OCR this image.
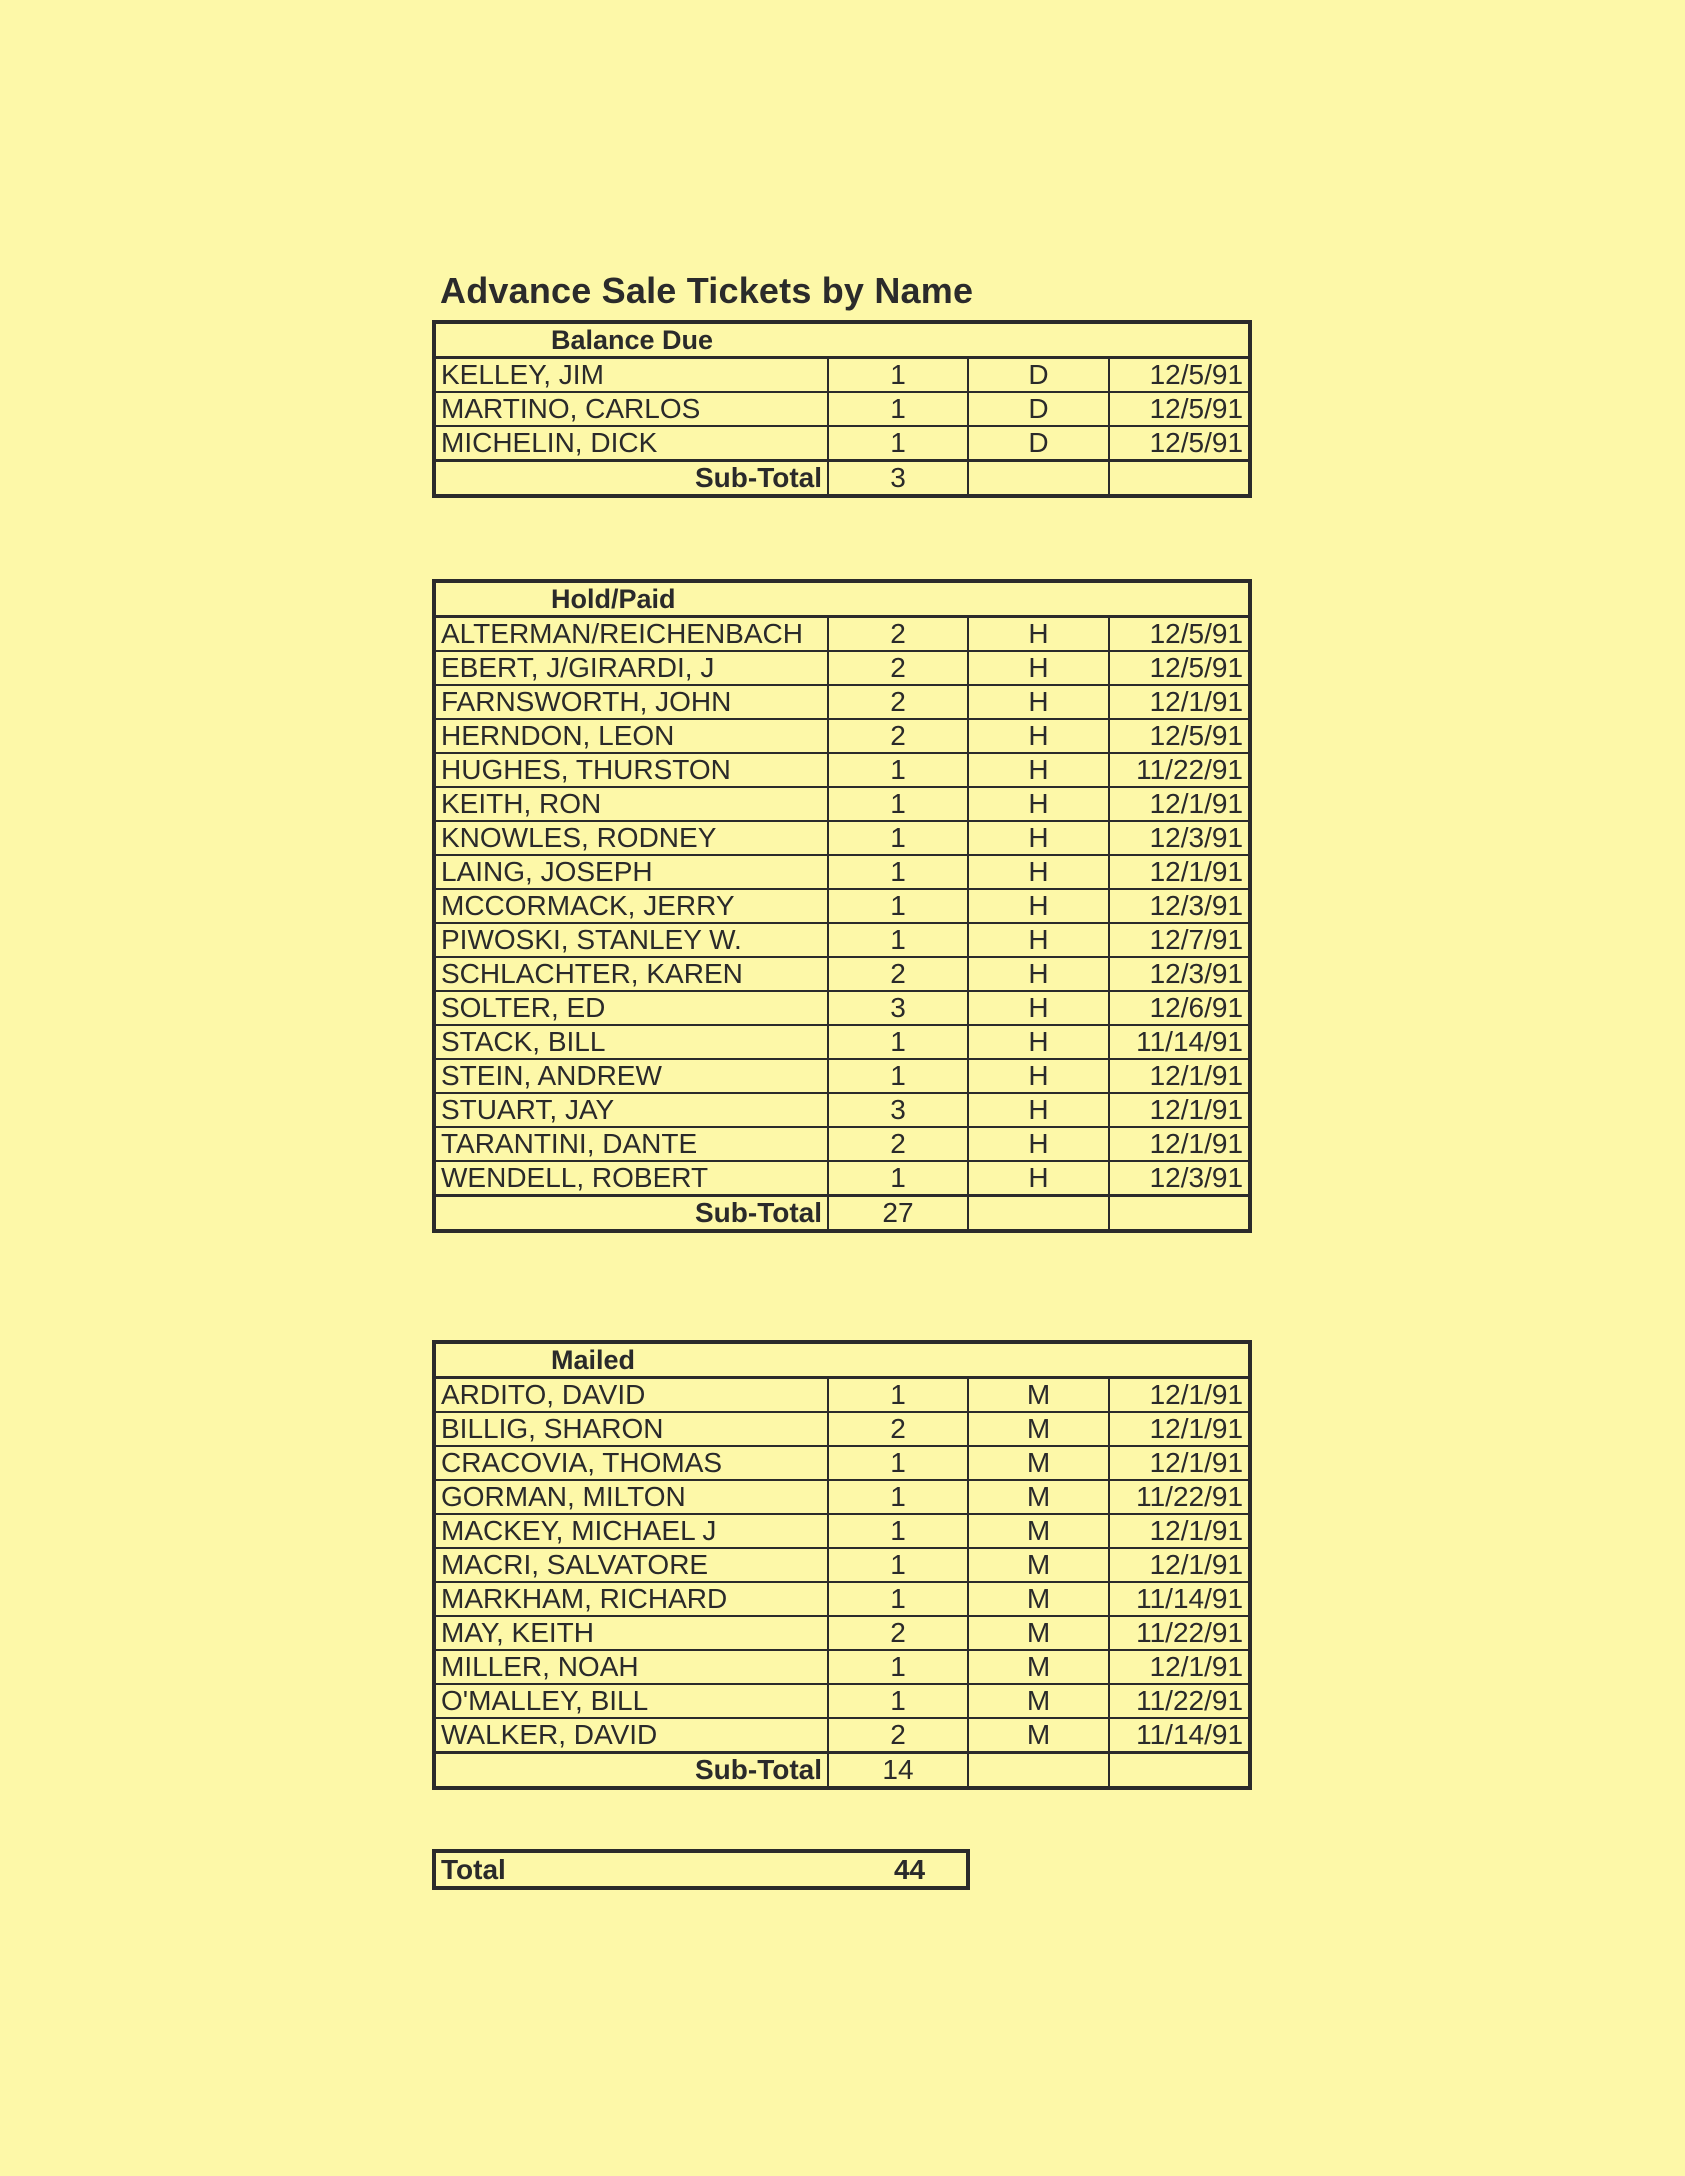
Advance Sale Tickets by Name
Balance Due			
KELLEY, JIM	1	D	12/5/91
MARTINO, CARLOS	1	D	12/5/91
MICHELIN, DICK	1	D	12/5/91
Sub-Total	3		
Hold/Paid			
ALTERMAN/REICHENBACH	2	H	12/5/91
EBERT, J/GIRARDI, J	2	H	12/5/91
FARNSWORTH, JOHN	2	H	12/1/91
HERNDON, LEON	2	H	12/5/91
HUGHES, THURSTON	1	H	11/22/91
KEITH, RON	1	H	12/1/91
KNOWLES, RODNEY	1	H	12/3/91
LAING, JOSEPH	1	H	12/1/91
MCCORMACK, JERRY	1	H	12/3/91
PIWOSKI, STANLEY W.	1	H	12/7/91
SCHLACHTER, KAREN	2	H	12/3/91
SOLTER, ED	3	H	12/6/91
STACK, BILL	1	H	11/14/91
STEIN, ANDREW	1	H	12/1/91
STUART, JAY	3	H	12/1/91
TARANTINI, DANTE	2	H	12/1/91
WENDELL, ROBERT	1	H	12/3/91
Sub-Total	27		
Mailed			
ARDITO, DAVID	1	M	12/1/91
BILLIG, SHARON	2	M	12/1/91
CRACOVIA, THOMAS	1	M	12/1/91
GORMAN, MILTON	1	M	11/22/91
MACKEY, MICHAEL J	1	M	12/1/91
MACRI, SALVATORE	1	M	12/1/91
MARKHAM, RICHARD	1	M	11/14/91
MAY, KEITH	2	M	11/22/91
MILLER, NOAH	1	M	12/1/91
O'MALLEY, BILL	1	M	11/22/91
WALKER, DAVID	2	M	11/14/91
Sub-Total	14		
Total	44
